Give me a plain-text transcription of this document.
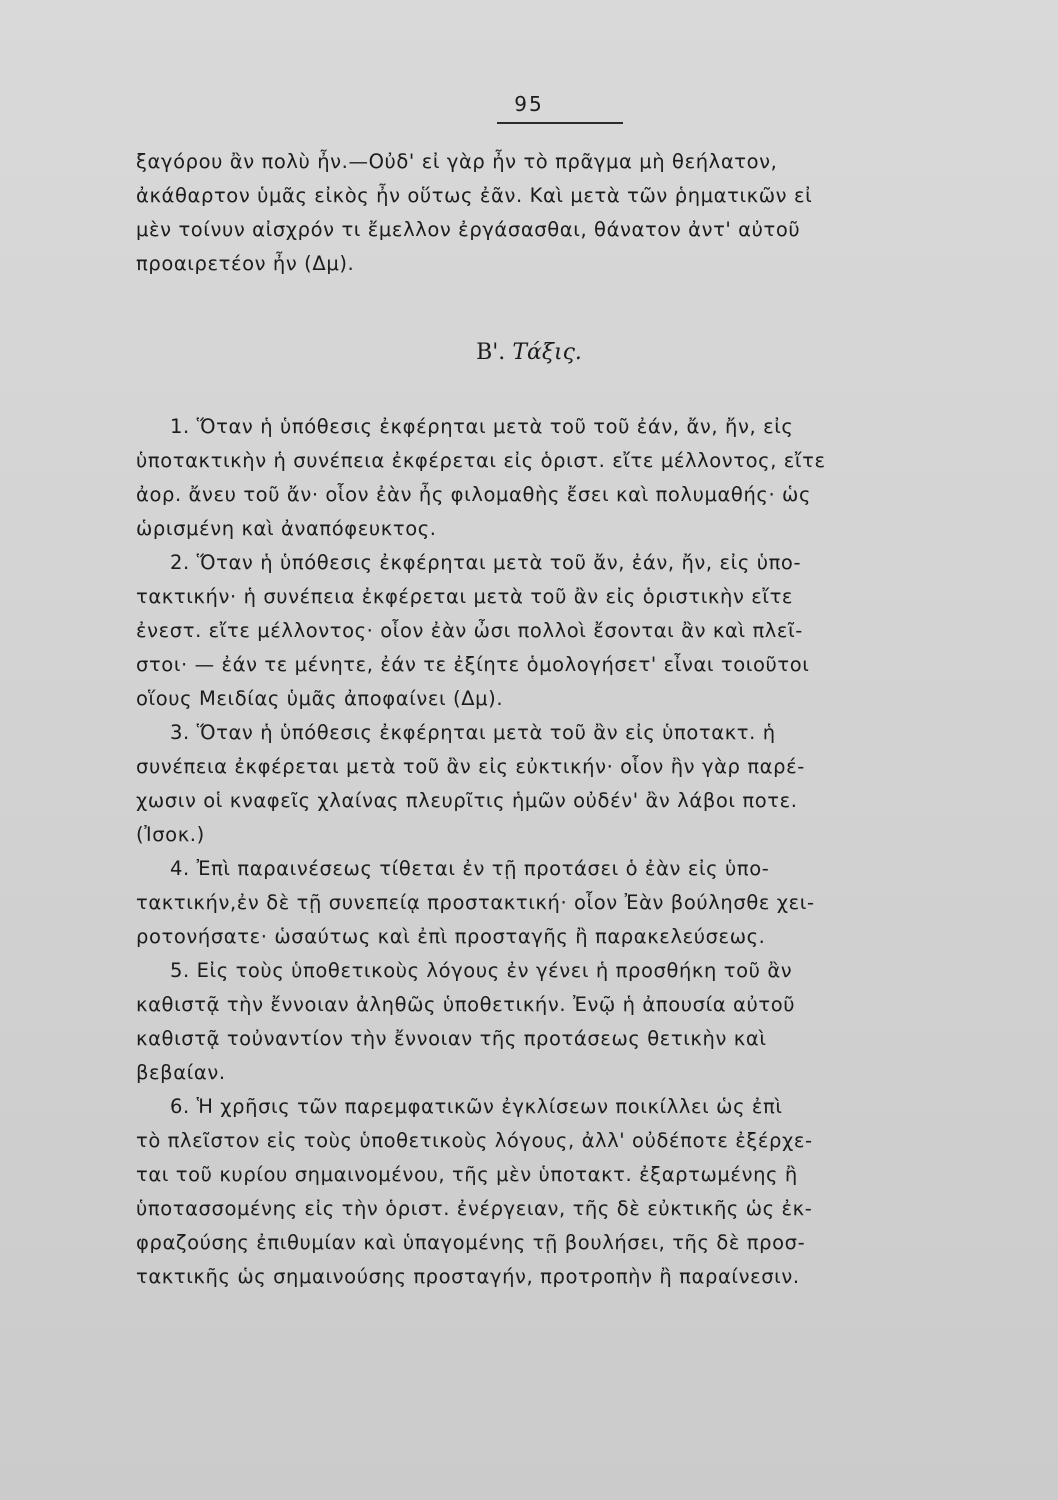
95
ξαγόρου ἂν πολὺ ἦν.—Οὐδ' εἰ γὰρ ἦν τὸ πρᾶγμα μὴ θεήλατον,
ἀκάθαρτον ὑμᾶς εἰκὸς ἦν οὕτως ἐᾶν. Καὶ μετὰ τῶν ῥηματικῶν εἰ
μὲν τοίνυν αἰσχρόν τι ἔμελλον ἐργάσασθαι, θάνατον ἀντ' αὐτοῦ
προαιρετέον ἦν (Δμ).
Β'. Τάξις.
1. Ὅταν ἡ ὑπόθεσις ἐκφέρηται μετὰ τοῦ τοῦ ἐάν, ἄν, ἤν, εἰς
ὑποτακτικὴν ἡ συνέπεια ἐκφέρεται εἰς ὁριστ. εἴτε μέλλοντος, εἴτε
ἀορ. ἄνευ τοῦ ἄν· οἷον ἐὰν ἦς φιλομαθὴς ἔσει καὶ πολυμαθής· ὡς
ὡρισμένη καὶ ἀναπόφευκτος.
2. Ὅταν ἡ ὑπόθεσις ἐκφέρηται μετὰ τοῦ ἄν, ἐάν, ἤν, εἰς ὑπο-
τακτικήν· ἡ συνέπεια ἐκφέρεται μετὰ τοῦ ἂν εἰς ὁριστικὴν εἴτε
ἐνεστ. εἴτε μέλλοντος· οἷον ἐὰν ὦσι πολλοὶ ἔσονται ἂν καὶ πλεῖ-
στοι· — ἐάν τε μένητε, ἐάν τε ἐξίητε ὁμολογήσετ' εἶναι τοιοῦτοι
οἵους Μειδίας ὑμᾶς ἀποφαίνει (Δμ).
3. Ὅταν ἡ ὑπόθεσις ἐκφέρηται μετὰ τοῦ ἂν εἰς ὑποτακτ. ἡ
συνέπεια ἐκφέρεται μετὰ τοῦ ἂν εἰς εὐκτικήν· οἷον ἢν γὰρ παρέ-
χωσιν οἱ κναφεῖς χλαίνας πλευρῖτις ἡμῶν οὐδέν' ἂν λάβοι ποτε.
(Ἰσοκ.)
4. Ἐπὶ παραινέσεως τίθεται ἐν τῇ προτάσει ὁ ἐὰν εἰς ὑπο-
τακτικήν,ἐν δὲ τῇ συνεπείᾳ προστακτική· οἷον Ἐὰν βούλησθε χει-
ροτονήσατε· ὡσαύτως καὶ ἐπὶ προσταγῆς ἢ παρακελεύσεως.
5. Εἰς τοὺς ὑποθετικοὺς λόγους ἐν γένει ἡ προσθήκη τοῦ ἂν
καθιστᾷ τὴν ἔννοιαν ἀληθῶς ὑποθετικήν. Ἐνῷ ἡ ἀπουσία αὐτοῦ
καθιστᾷ τοὐναντίον τὴν ἔννοιαν τῆς προτάσεως θετικὴν καὶ
βεβαίαν.
6. Ἡ χρῆσις τῶν παρεμφατικῶν ἐγκλίσεων ποικίλλει ὡς ἐπὶ
τὸ πλεῖστον εἰς τοὺς ὑποθετικοὺς λόγους, ἀλλ' οὐδέποτε ἐξέρχε-
ται τοῦ κυρίου σημαινομένου, τῆς μὲν ὑποτακτ. ἐξαρτωμένης ἢ
ὑποτασσομένης εἰς τὴν ὁριστ. ἐνέργειαν, τῆς δὲ εὐκτικῆς ὡς ἐκ-
φραζούσης ἐπιθυμίαν καὶ ὑπαγομένης τῇ βουλήσει, τῆς δὲ προσ-
τακτικῆς ὡς σημαινούσης προσταγήν, προτροπὴν ἢ παραίνεσιν.
